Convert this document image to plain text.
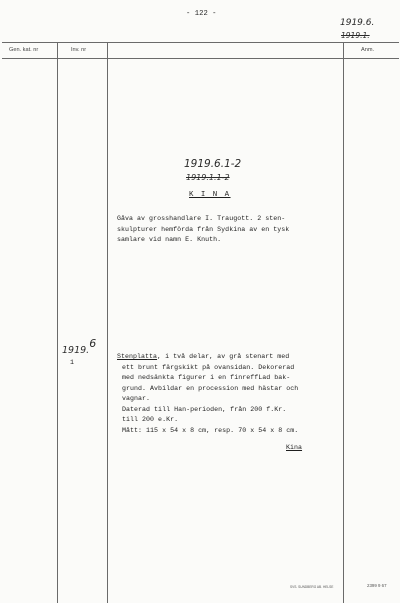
- 122 -
1919.6.
1919.1.
Gen. kat. nr	Inv. nr	Anm.
1919.6.1-2
1919.1.1-2
K I N A
Gåva av grosshandlare I. Traugott. 2 sten-
skulpturer hemförda från Sydkina av en tysk
samlare vid namn E. Knuth.
1919.6
1
Stenplatta, i två delar, av grå stenart med
ett brunt färgskikt på ovansidan. Dekorerad
med nedsänkta figurer i en finreffLad bak-
grund. Avbildar en procession med hästar och
vagnar.
Daterad till Han-perioden, från 200 f.Kr.
till 200 e.Kr.
Mått: 115 x 54 x 8 cm, resp. 70 x 54 x 8 cm.
Kina
SVS. SUNDBERG AB. HELSE	2399 9 67
